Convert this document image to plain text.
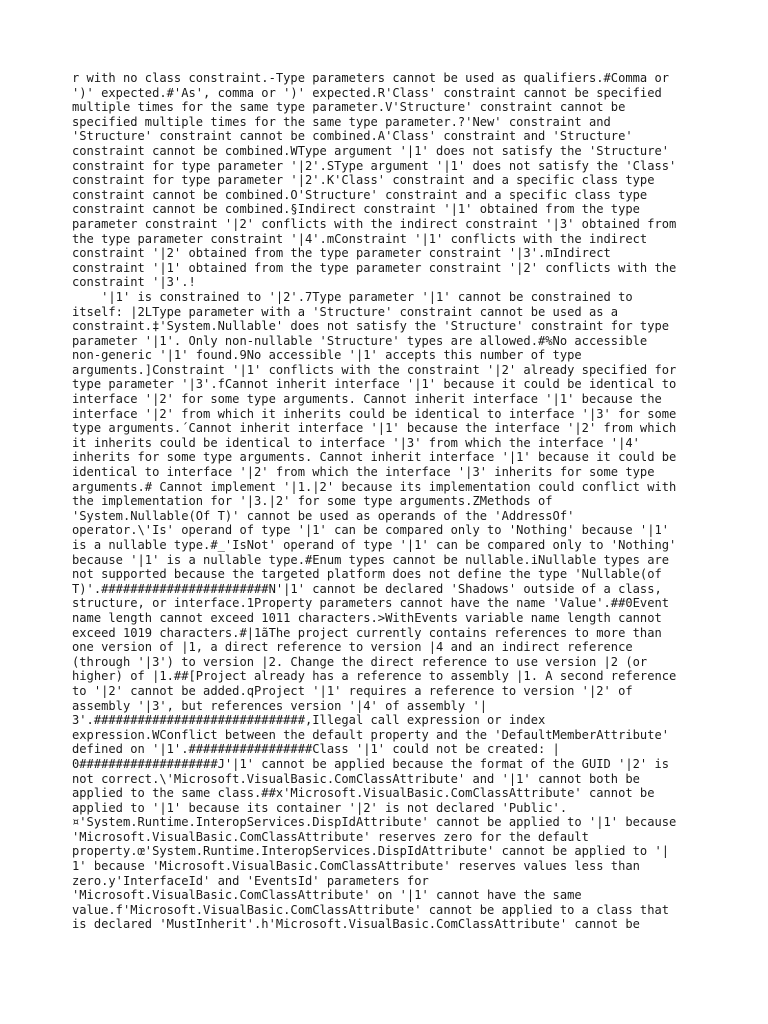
r with no class constraint.-Type parameters cannot be used as qualifiers.#Comma or
')' expected.#'As', comma or ')' expected.R'Class' constraint cannot be specified
multiple times for the same type parameter.V'Structure' constraint cannot be
specified multiple times for the same type parameter.?'New' constraint and
'Structure' constraint cannot be combined.A'Class' constraint and 'Structure'
constraint cannot be combined.WType argument '|1' does not satisfy the 'Structure'
constraint for type parameter '|2'.SType argument '|1' does not satisfy the 'Class'
constraint for type parameter '|2'.K'Class' constraint and a specific class type
constraint cannot be combined.O'Structure' constraint and a specific class type
constraint cannot be combined.§Indirect constraint '|1' obtained from the type
parameter constraint '|2' conflicts with the indirect constraint '|3' obtained from
the type parameter constraint '|4'.mConstraint '|1' conflicts with the indirect
constraint '|2' obtained from the type parameter constraint '|3'.mIndirect
constraint '|1' obtained from the type parameter constraint '|2' conflicts with the
constraint '|3'.!
'|1' is constrained to '|2'.7Type parameter '|1' cannot be constrained to
itself: |2LType parameter with a 'Structure' constraint cannot be used as a
constraint.‡'System.Nullable' does not satisfy the 'Structure' constraint for type
parameter '|1'. Only non-nullable 'Structure' types are allowed.#%No accessible
non-generic '|1' found.9No accessible '|1' accepts this number of type
arguments.]Constraint '|1' conflicts with the constraint '|2' already specified for
type parameter '|3'.fCannot inherit interface '|1' because it could be identical to
interface '|2' for some type arguments. Cannot inherit interface '|1' because the
interface '|2' from which it inherits could be identical to interface '|3' for some
type arguments.´Cannot inherit interface '|1' because the interface '|2' from which
it inherits could be identical to interface '|3' from which the interface '|4'
inherits for some type arguments. Cannot inherit interface '|1' because it could be
identical to interface '|2' from which the interface '|3' inherits for some type
arguments.# Cannot implement '|1.|2' because its implementation could conflict with
the implementation for '|3.|2' for some type arguments.ZMethods of
'System.Nullable(Of T)' cannot be used as operands of the 'AddressOf'
operator.\'Is' operand of type '|1' can be compared only to 'Nothing' because '|1'
is a nullable type.#_'IsNot' operand of type '|1' can be compared only to 'Nothing'
because '|1' is a nullable type.#Enum types cannot be nullable.iNullable types are
not supported because the targeted platform does not define the type 'Nullable(of
T)'.#######################N'|1' cannot be declared 'Shadows' outside of a class,
structure, or interface.1Property parameters cannot have the name 'Value'.##0Event
name length cannot exceed 1011 characters.>WithEvents variable name length cannot
exceed 1019 characters.#|1ãThe project currently contains references to more than
one version of |1, a direct reference to version |4 and an indirect reference
(through '|3') to version |2. Change the direct reference to use version |2 (or
higher) of |1.##[Project already has a reference to assembly |1. A second reference
to '|2' cannot be added.qProject '|1' requires a reference to version '|2' of
assembly '|3', but references version '|4' of assembly '|
3'.#############################,Illegal call expression or index
expression.WConflict between the default property and the 'DefaultMemberAttribute'
defined on '|1'.#################Class '|1' could not be created: |
0###################J'|1' cannot be applied because the format of the GUID '|2' is
not correct.\'Microsoft.VisualBasic.ComClassAttribute' and '|1' cannot both be
applied to the same class.##x'Microsoft.VisualBasic.ComClassAttribute' cannot be
applied to '|1' because its container '|2' is not declared 'Public'.
¤'System.Runtime.InteropServices.DispIdAttribute' cannot be applied to '|1' because
'Microsoft.VisualBasic.ComClassAttribute' reserves zero for the default
property.œ'System.Runtime.InteropServices.DispIdAttribute' cannot be applied to '|
1' because 'Microsoft.VisualBasic.ComClassAttribute' reserves values less than
zero.y'InterfaceId' and 'EventsId' parameters for
'Microsoft.VisualBasic.ComClassAttribute' on '|1' cannot have the same
value.f'Microsoft.VisualBasic.ComClassAttribute' cannot be applied to a class that
is declared 'MustInherit'.h'Microsoft.VisualBasic.ComClassAttribute' cannot be
